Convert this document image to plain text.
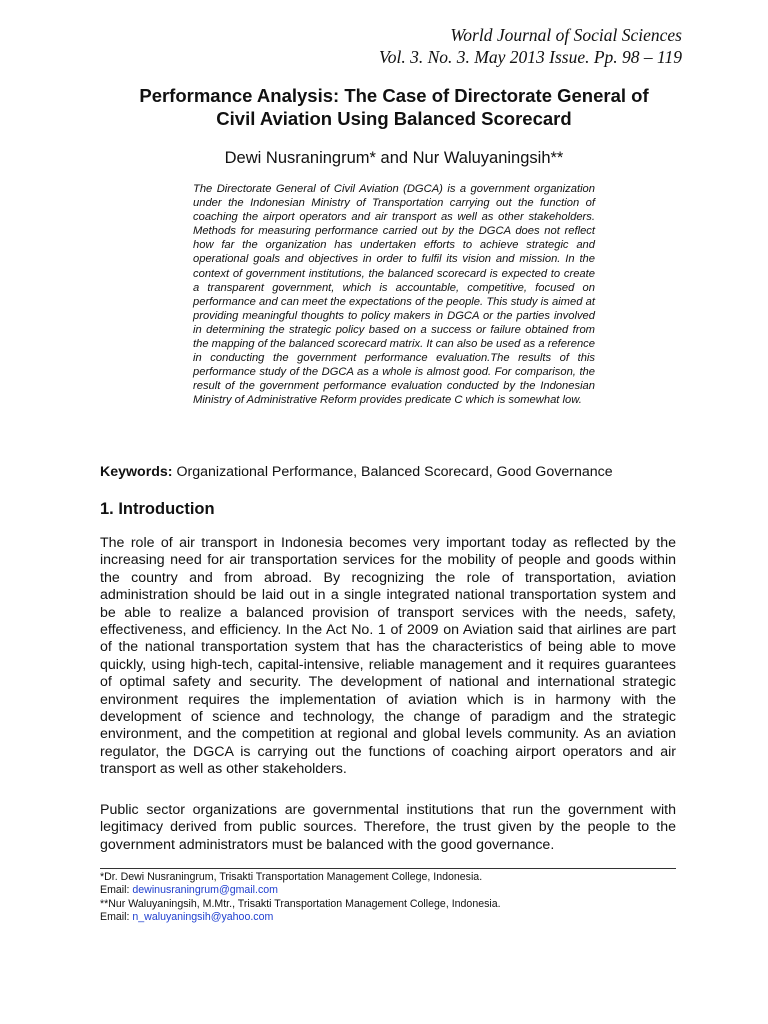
World Journal of Social Sciences
Vol. 3. No. 3. May 2013 Issue. Pp. 98 – 119
Performance Analysis: The Case of Directorate General of
Civil Aviation Using Balanced Scorecard
Dewi Nusraningrum* and Nur Waluyaningsih**
The Directorate General of Civil Aviation (DGCA) is a government organization under the Indonesian Ministry of Transportation carrying out the function of coaching the airport operators and air transport as well as other stakeholders. Methods for measuring performance carried out by the DGCA does not reflect how far the organization has undertaken efforts to achieve strategic and operational goals and objectives in order to fulfil its vision and mission. In the context of government institutions, the balanced scorecard is expected to create a transparent government, which is accountable, competitive, focused on performance and can meet the expectations of the people. This study is aimed at providing meaningful thoughts to policy makers in DGCA or the parties involved in determining the strategic policy based on a success or failure obtained from the mapping of the balanced scorecard matrix. It can also be used as a reference in conducting the government performance evaluation.The results of this performance study of the DGCA as a whole is almost good. For comparison, the result of the government performance evaluation conducted by the Indonesian Ministry of Administrative Reform provides predicate C which is somewhat low.
Keywords: Organizational Performance, Balanced Scorecard, Good Governance
1. Introduction
The role of air transport in Indonesia becomes very important today as reflected by the increasing need for air transportation services for the mobility of people and goods within the country and from abroad. By recognizing the role of transportation, aviation administration should be laid out in a single integrated national transportation system and be able to realize a balanced provision of transport services with the needs, safety, effectiveness, and efficiency. In the Act No. 1 of 2009 on Aviation said that airlines are part of the national transportation system that has the characteristics of being able to move quickly, using high-tech, capital-intensive, reliable management and it requires guarantees of optimal safety and security. The development of national and international strategic environment requires the implementation of aviation which is in harmony with the development of science and technology, the change of paradigm and the strategic environment, and the competition at regional and global levels community. As an aviation regulator, the DGCA is carrying out the functions of coaching airport operators and air transport as well as other stakeholders.
Public sector organizations are governmental institutions that run the government with legitimacy derived from public sources. Therefore, the trust given by the people to the government administrators must be balanced with the good governance.
*Dr. Dewi Nusraningrum, Trisakti Transportation Management College, Indonesia.
Email: dewinusraningrum@gmail.com
**Nur Waluyaningsih, M.Mtr., Trisakti Transportation Management College, Indonesia.
Email: n_waluyaningsih@yahoo.com
